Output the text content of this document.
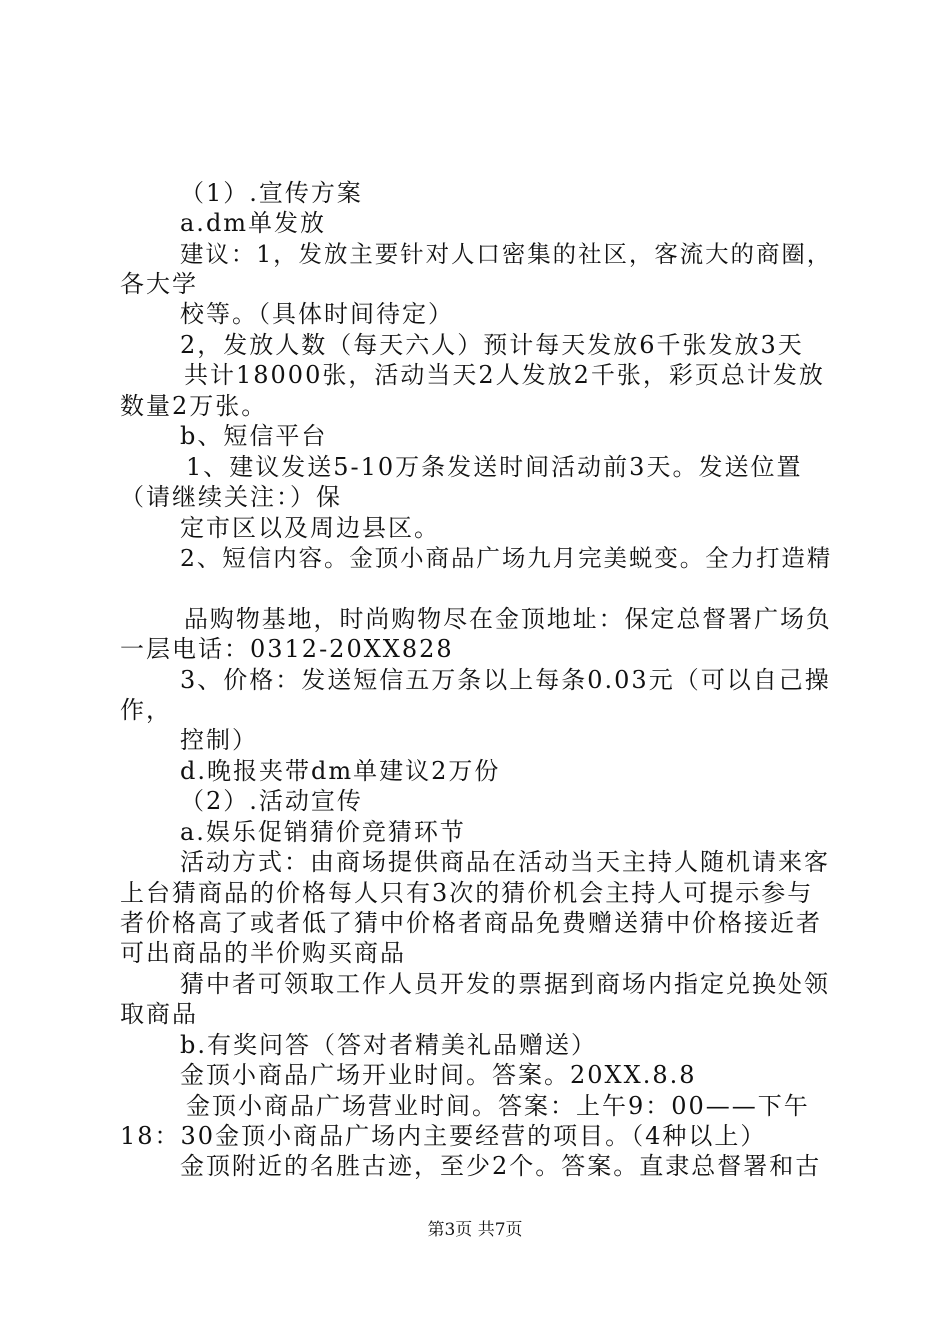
（1）.宣传方案
a.dm单发放
建议：1，发放主要针对人口密集的社区，客流大的商圈，
各大学
校等。（具体时间待定）
2，发放人数（每天六人）预计每天发放6千张发放3天
共计18000张，活动当天2人发放2千张，彩页总计发放
数量2万张。
b、短信平台
1、建议发送5-10万条发送时间活动前3天。发送位置
（请继续关注：）保
定市区以及周边县区。
2、短信内容。金顶小商品广场九月完美蜕变。全力打造精
品购物基地，时尚购物尽在金顶地址：保定总督署广场负
一层电话：0312-20XX828
3、价格：发送短信五万条以上每条0.03元（可以自己操
作，
控制）
d.晚报夹带dm单建议2万份
（2）.活动宣传
a.娱乐促销猜价竞猜环节
活动方式：由商场提供商品在活动当天主持人随机请来客
上台猜商品的价格每人只有3次的猜价机会主持人可提示参与
者价格高了或者低了猜中价格者商品免费赠送猜中价格接近者
可出商品的半价购买商品
猜中者可领取工作人员开发的票据到商场内指定兑换处领
取商品
b.有奖问答（答对者精美礼品赠送）
金顶小商品广场开业时间。答案。20XX.8.8
金顶小商品广场营业时间。答案：上午9：00——下午
18：30金顶小商品广场内主要经营的项目。（4种以上）
金顶附近的名胜古迹，至少2个。答案。直隶总督署和古
第3页 共7页
